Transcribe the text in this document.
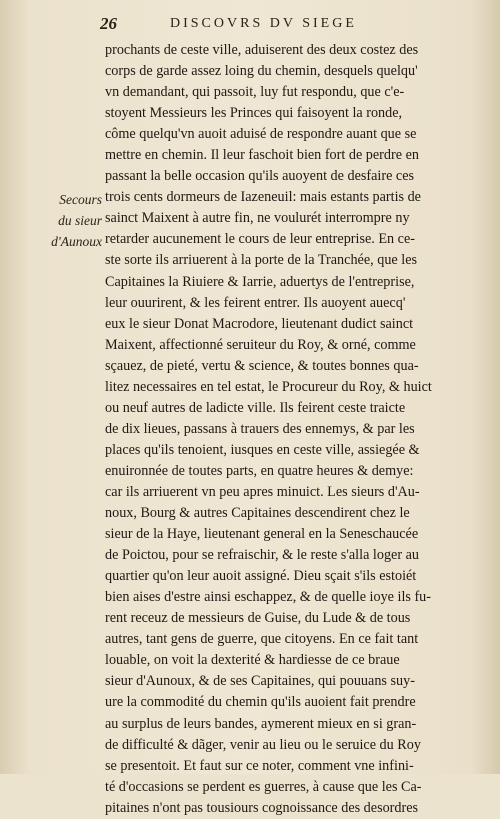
26	DISCOVRS DV SIEGE
Secours
du sieur
d'Aunoux
prochants de ceste ville, aduiserent des deux costez des
corps de garde assez loing du chemin, desquels quelqu'
vn demandant, qui passoit, luy fut respondu, que c'e-
stoyent Messieurs les Princes qui faisoyent la ronde,
côme quelqu'vn auoit aduisé de respondre auant que se
mettre en chemin. Il leur faschoit bien fort de perdre en
passant la belle occasion qu'ils auoyent de desfaire ces
trois cents dormeurs de Iazeneuil: mais estants partis de
sainct Maixent à autre fin, ne voulurét interrompre ny
retarder aucunement le cours de leur entreprise. En ce-
ste sorte ils arriuerent à la porte de la Tranchée, que les
Capitaines la Riuiere & Iarrie, aduertys de l'entreprise,
leur ouurirent, & les feirent entrer. Ils auoyent auecq'
eux le sieur Donat Macrodore, lieutenant dudict sainct
Maixent, affectionné seruiteur du Roy, & orné, comme
sçauez, de pieté, vertu & science, & toutes bonnes qua-
litez necessaires en tel estat, le Procureur du Roy, & huict
ou neuf autres de ladicte ville. Ils feirent ceste traicte
de dix lieues, passans à trauers des ennemys, & par les
places qu'ils tenoient, iusques en ceste ville, assiegée &
enuironnée de toutes parts, en quatre heures & demye:
car ils arriuerent vn peu apres minuict. Les sieurs d'Au-
noux, Bourg & autres Capitaines descendirent chez le
sieur de la Haye, lieutenant general en la Seneschaucée
de Poictou, pour se refraischir, & le reste s'alla loger au
quartier qu'on leur auoit assigné. Dieu sçait s'ils estoiét
bien aises d'estre ainsi eschappez, & de quelle ioye ils fu-
rent receuz de messieurs de Guise, du Lude & de tous
autres, tant gens de guerre, que citoyens. En ce fait tant
louable, on voit la dexterité & hardiesse de ce braue
sieur d'Aunoux, & de ses Capitaines, qui pouuans suy-
ure la commodité du chemin qu'ils auoient fait prendre
au surplus de leurs bandes, aymerent mieux en si gran-
de difficulté & dãger, venir au lieu ou le seruice du Roy
se presentoit. Et faut sur ce noter, comment vne infini-
té d'occasions se perdent es guerres, à cause que les Ca-
pitaines n'ont pas tousiours cognoissance des desordres
